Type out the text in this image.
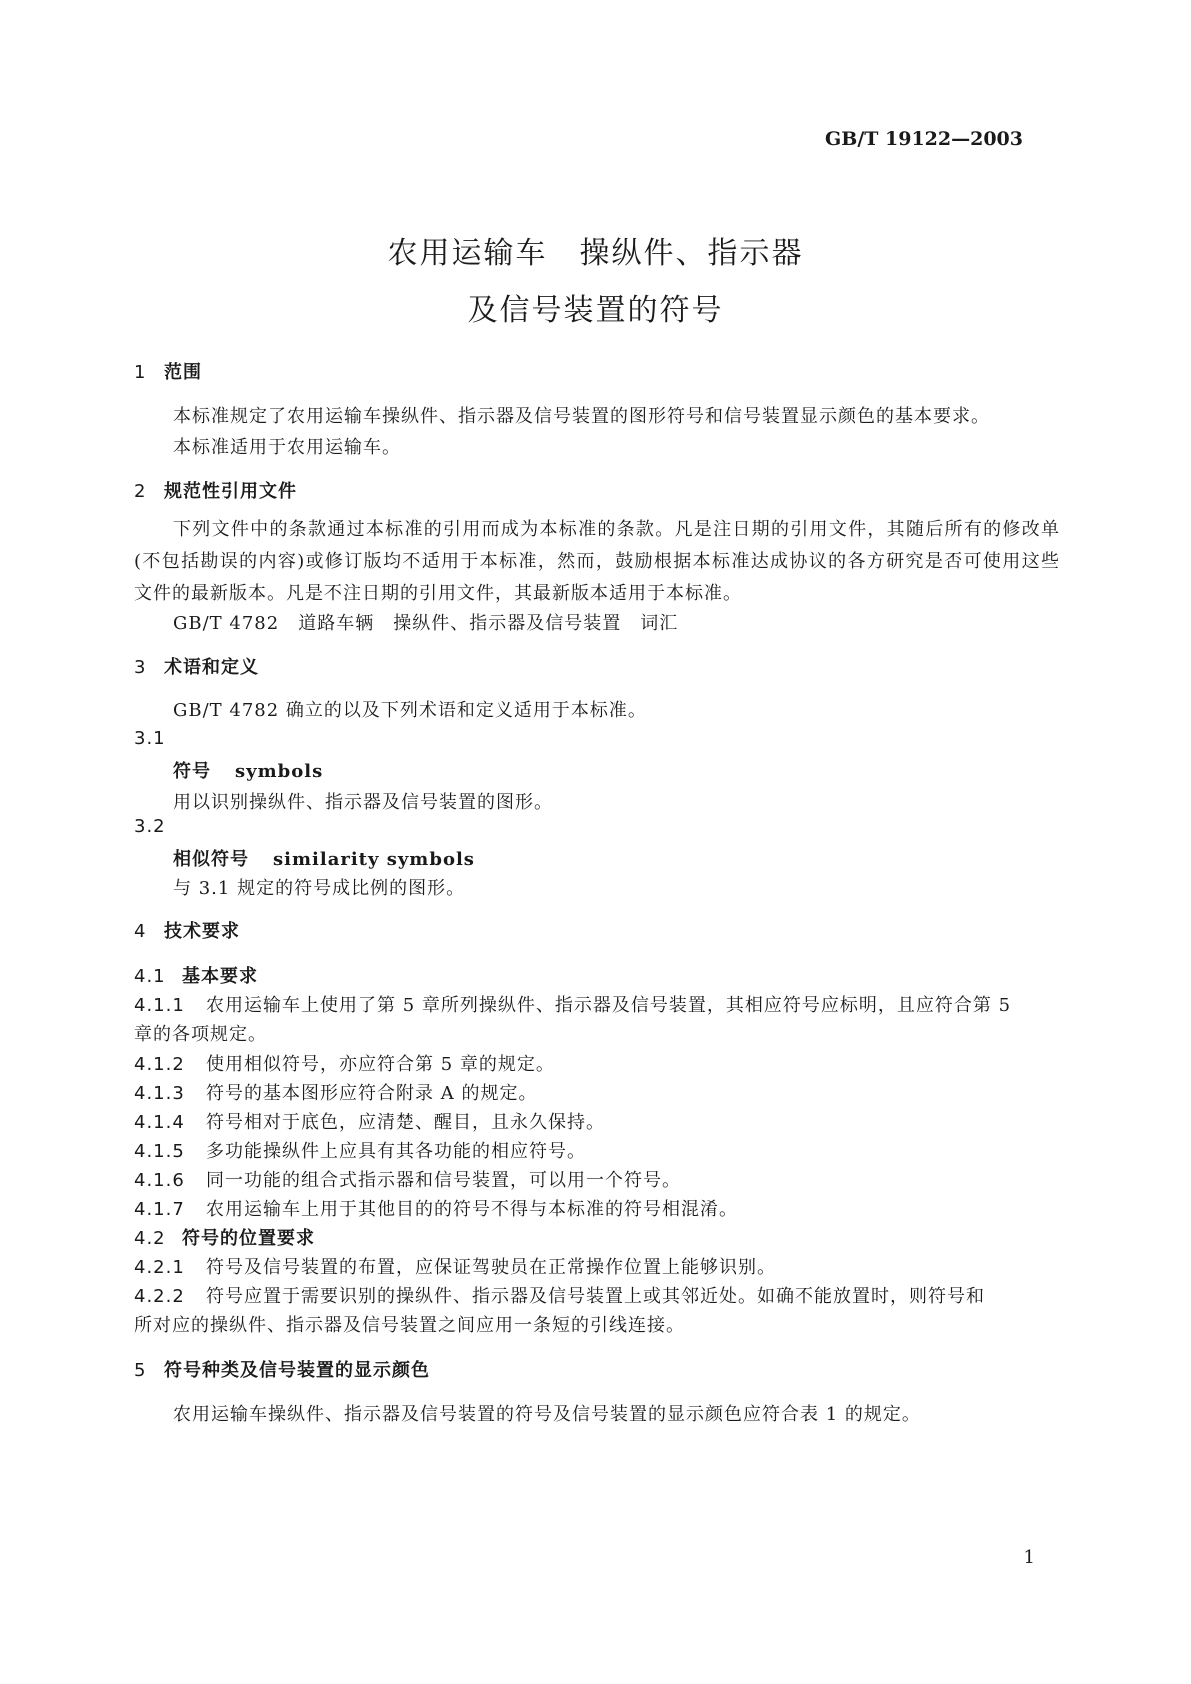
GB/T 19122—2003
农用运输车　操纵件、指示器
及信号装置的符号
1 范围
本标准规定了农用运输车操纵件、指示器及信号装置的图形符号和信号装置显示颜色的基本要求。
本标准适用于农用运输车。
2 规范性引用文件
下列文件中的条款通过本标准的引用而成为本标准的条款。凡是注日期的引用文件，其随后所有的修改单(不包括勘误的内容)或修订版均不适用于本标准，然而，鼓励根据本标准达成协议的各方研究是否可使用这些文件的最新版本。凡是不注日期的引用文件，其最新版本适用于本标准。
GB/T 4782　道路车辆　操纵件、指示器及信号装置　词汇
3 术语和定义
GB/T 4782 确立的以及下列术语和定义适用于本标准。
3.1
符号 symbols
用以识别操纵件、指示器及信号装置的图形。
3.2
相似符号 similarity symbols
与 3.1 规定的符号成比例的图形。
4 技术要求
4.1 基本要求
4.1.1 农用运输车上使用了第 5 章所列操纵件、指示器及信号装置，其相应符号应标明，且应符合第 5
章的各项规定。
4.1.2 使用相似符号，亦应符合第 5 章的规定。
4.1.3 符号的基本图形应符合附录 A 的规定。
4.1.4 符号相对于底色，应清楚、醒目，且永久保持。
4.1.5 多功能操纵件上应具有其各功能的相应符号。
4.1.6 同一功能的组合式指示器和信号装置，可以用一个符号。
4.1.7 农用运输车上用于其他目的的符号不得与本标准的符号相混淆。
4.2 符号的位置要求
4.2.1 符号及信号装置的布置，应保证驾驶员在正常操作位置上能够识别。
4.2.2 符号应置于需要识别的操纵件、指示器及信号装置上或其邻近处。如确不能放置时，则符号和
所对应的操纵件、指示器及信号装置之间应用一条短的引线连接。
5 符号种类及信号装置的显示颜色
农用运输车操纵件、指示器及信号装置的符号及信号装置的显示颜色应符合表 1 的规定。
1
